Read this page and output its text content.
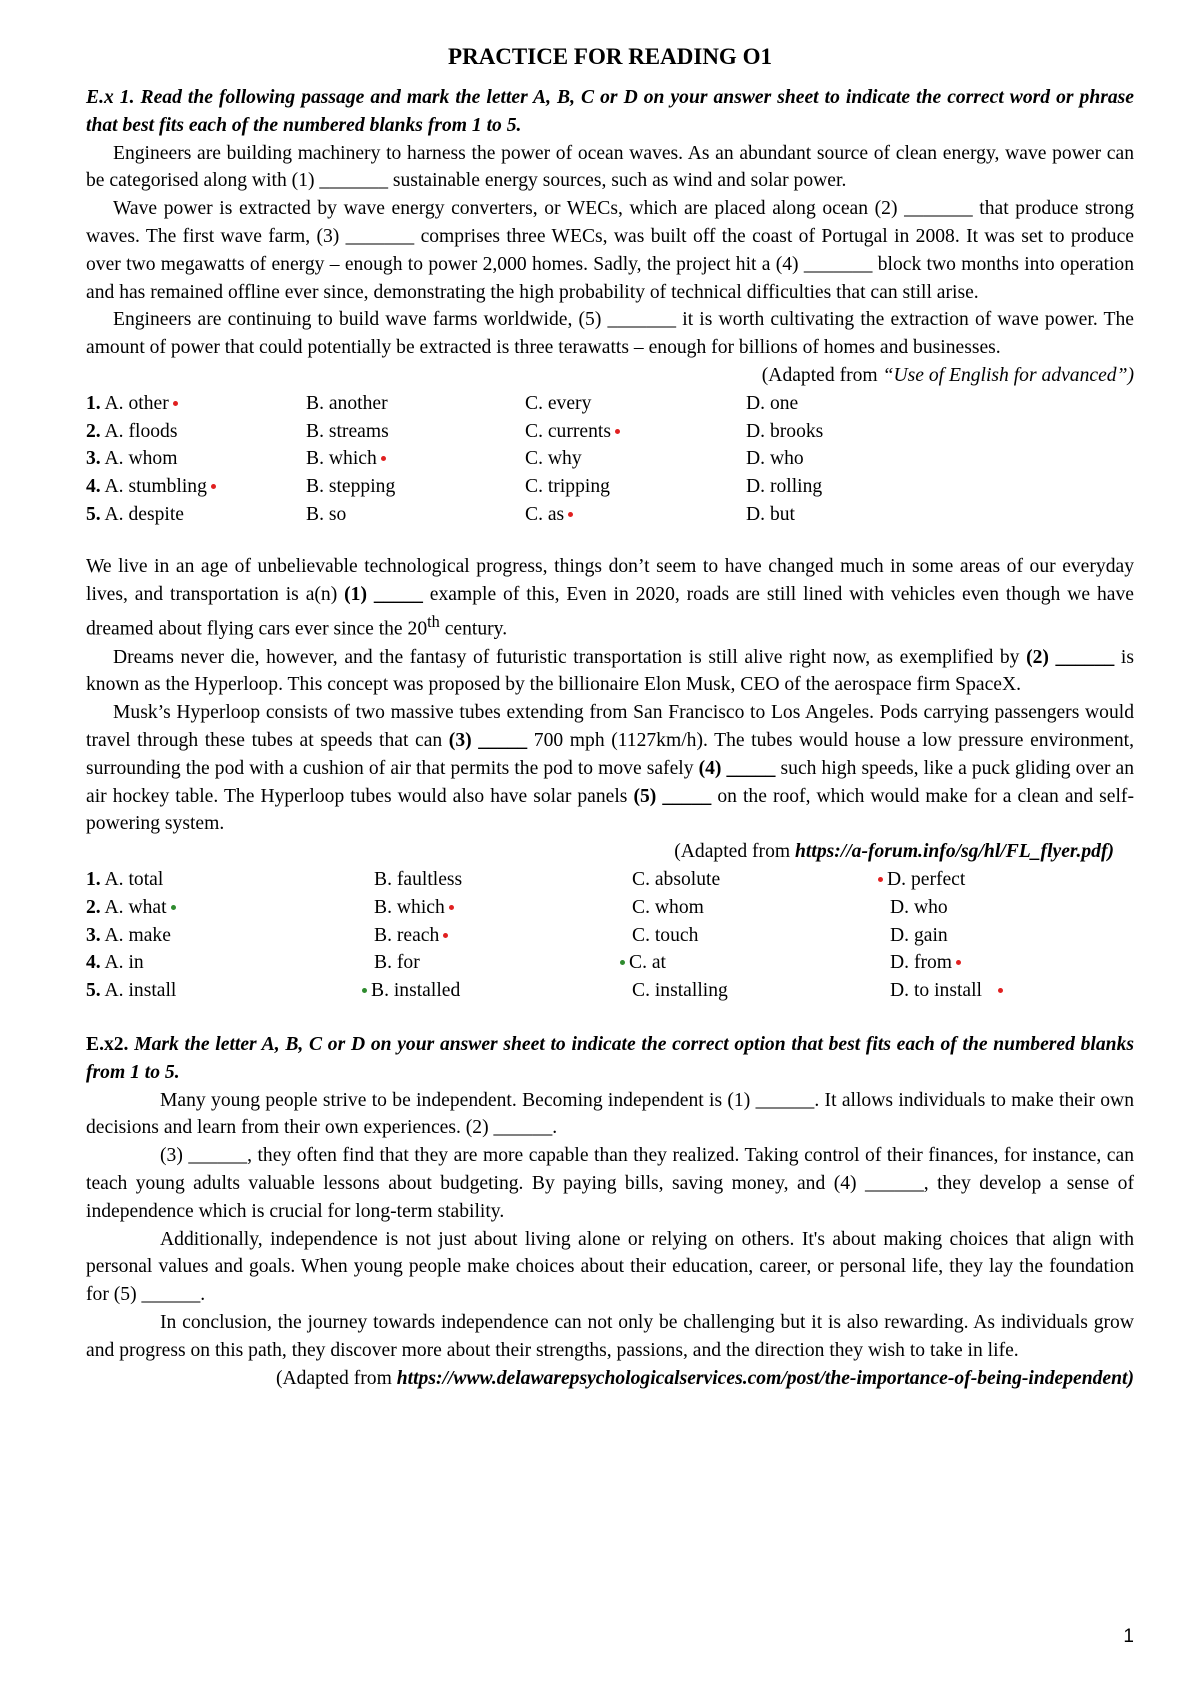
PRACTICE FOR READING O1

E.x 1. Read the following passage and mark the letter A, B, C or D on your answer sheet to indicate the correct word or phrase that best fits each of the numbered blanks from 1 to 5.

Engineers are building machinery to harness the power of ocean waves. As an abundant source of clean energy, wave power can be categorised along with (1) _______ sustainable energy sources, such as wind and solar power.

Wave power is extracted by wave energy converters, or WECs, which are placed along ocean (2) _______ that produce strong waves. The first wave farm, (3) _______ comprises three WECs, was built off the coast of Portugal in 2008. It was set to produce over two megawatts of energy – enough to power 2,000 homes. Sadly, the project hit a (4) _______ block two months into operation and has remained offline ever since, demonstrating the high probability of technical difficulties that can still arise.

Engineers are continuing to build wave farms worldwide, (5) _______ it is worth cultivating the extraction of wave power. The amount of power that could potentially be extracted is three terawatts – enough for billions of homes and businesses.

(Adapted from “Use of English for advanced”)

1. A. other	B. another	C. every	D. one
2. A. floods	B. streams	C. currents	D. brooks
3. A. whom	B. which	C. why	D. who
4. A. stumbling	B. stepping	C. tripping	D. rolling
5. A. despite	B. so	C. as	D. but

We live in an age of unbelievable technological progress, things don’t seem to have changed much in some areas of our everyday lives, and transportation is a(n) (1) _____ example of this, Even in 2020, roads are still lined with vehicles even though we have dreamed about flying cars ever since the 20th century.

Dreams never die, however, and the fantasy of futuristic transportation is still alive right now, as exemplified by (2) ______ is known as the Hyperloop. This concept was proposed by the billionaire Elon Musk, CEO of the aerospace firm SpaceX.

Musk’s Hyperloop consists of two massive tubes extending from San Francisco to Los Angeles. Pods carrying passengers would travel through these tubes at speeds that can (3) _____ 700 mph (1127km/h). The tubes would house a low pressure environment, surrounding the pod with a cushion of air that permits the pod to move safely (4) _____ such high speeds, like a puck gliding over an air hockey table. The Hyperloop tubes would also have solar panels (5) _____ on the roof, which would make for a clean and self-powering system.

(Adapted from https://a-forum.info/sg/hl/FL_flyer.pdf)

1. A. total	B. faultless	C. absolute	D. perfect
2. A. what	B. which	C. whom	D. who
3. A. make	B. reach	C. touch	D. gain
4. A. in	B. for	C. at	D. from
5. A. install	B. installed	C. installing	D. to install

E.x2. Mark the letter A, B, C or D on your answer sheet to indicate the correct option that best fits each of the numbered blanks from 1 to 5.

Many young people strive to be independent. Becoming independent is (1) ______. It allows individuals to make their own decisions and learn from their own experiences. (2) ______.

(3) ______, they often find that they are more capable than they realized. Taking control of their finances, for instance, can teach young adults valuable lessons about budgeting. By paying bills, saving money, and (4) ______, they develop a sense of independence which is crucial for long-term stability.

Additionally, independence is not just about living alone or relying on others. It's about making choices that align with personal values and goals. When young people make choices about their education, career, or personal life, they lay the foundation for (5) ______.

In conclusion, the journey towards independence can not only be challenging but it is also rewarding. As individuals grow and progress on this path, they discover more about their strengths, passions, and the direction they wish to take in life.

(Adapted from https://www.delawarepsychologicalservices.com/post/the-importance-of-being-independent)

1
